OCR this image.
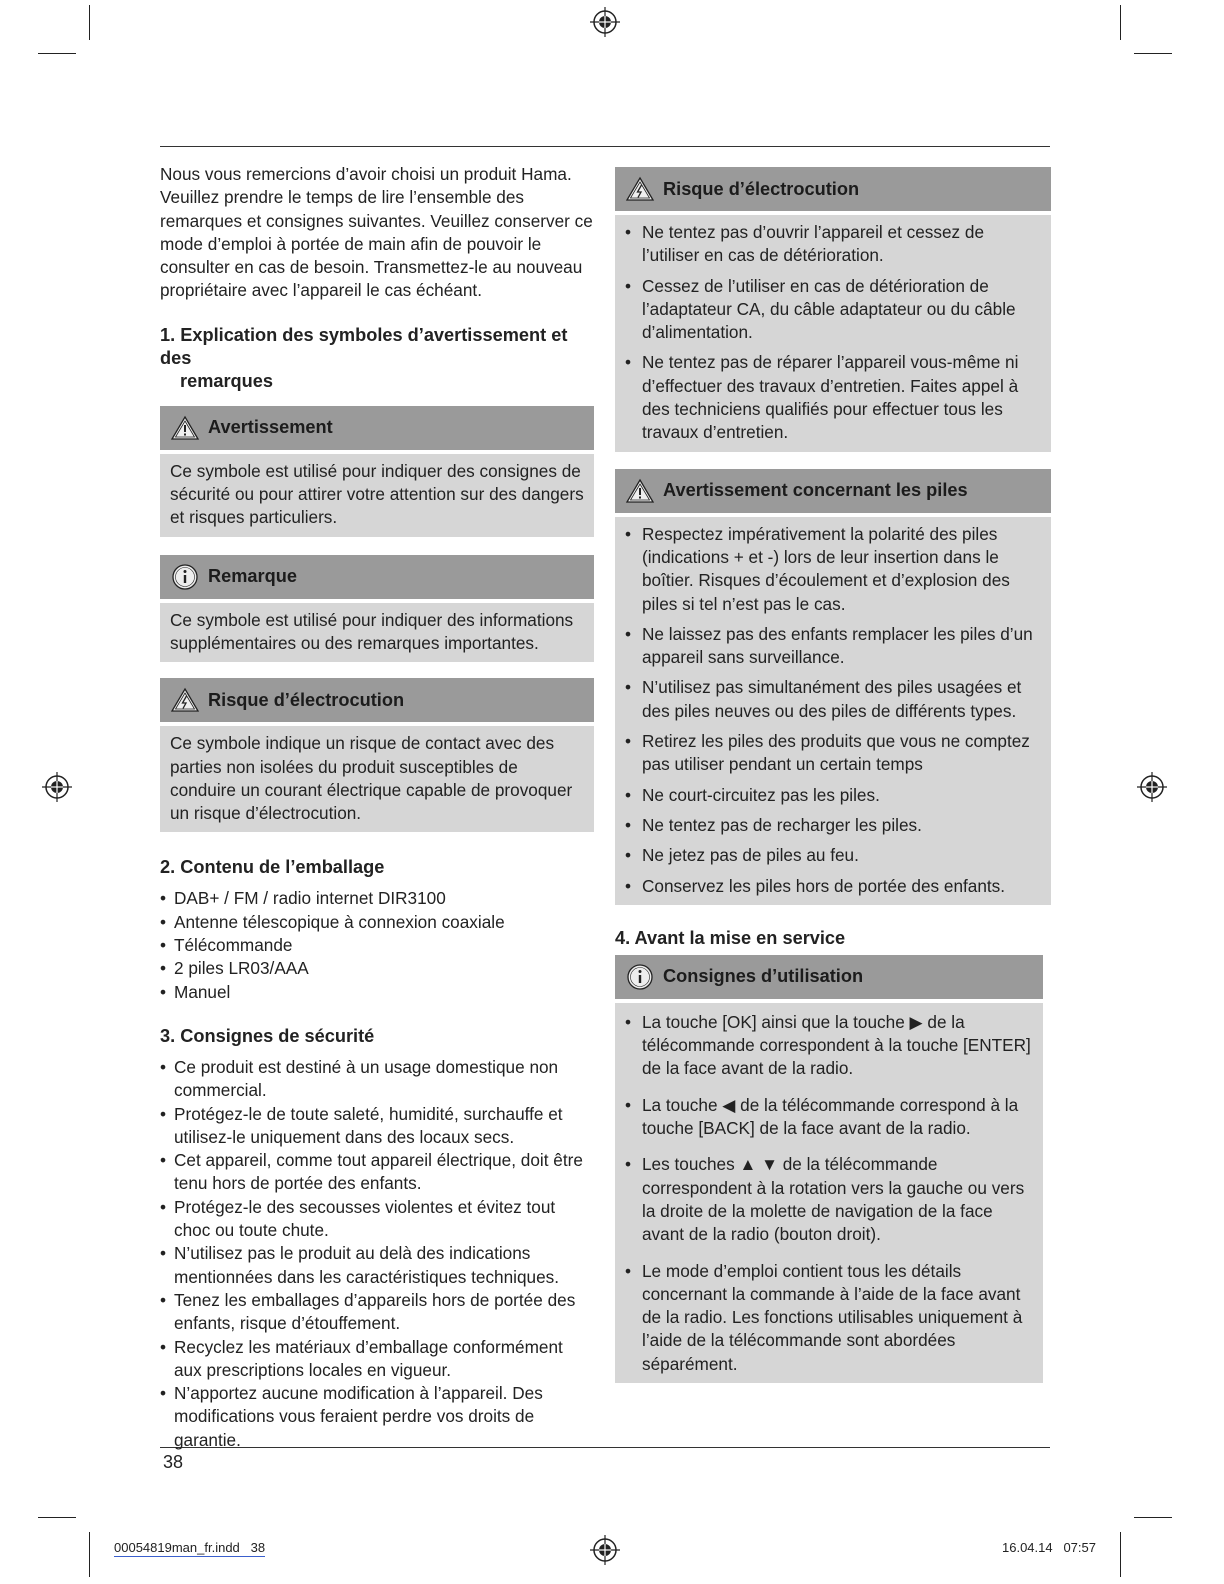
Nous vous remercions d’avoir choisi un produit Hama. Veuillez prendre le temps de lire l’ensemble des remarques et consignes suivantes. Veuillez conserver ce mode d’emploi à portée de main afin de pouvoir le consulter en cas de besoin. Transmettez-le au nouveau propriétaire avec l’appareil le cas échéant.

1. Explication des symboles d’avertissement et des
remarques
Avertissement
Ce symbole est utilisé pour indiquer des consignes de sécurité ou pour attirer votre attention sur des dangers et risques particuliers.
Remarque
Ce symbole est utilisé pour indiquer des informations supplémentaires ou des remarques importantes.
Risque d’électrocution
Ce symbole indique un risque de contact avec des parties non isolées du produit susceptibles de conduire un courant électrique capable de provoquer un risque d’électrocution.
2. Contenu de l’emballage
• DAB+ / FM / radio internet DIR3100
• Antenne télescopique à connexion coaxiale
• Télécommande
• 2 piles LR03/AAA
• Manuel
3. Consignes de sécurité
• Ce produit est destiné à un usage domestique non commercial.
• Protégez-le de toute saleté, humidité, surchauffe et utilisez-le uniquement dans des locaux secs.
• Cet appareil, comme tout appareil électrique, doit être tenu hors de portée des enfants.
• Protégez-le des secousses violentes et évitez tout choc ou toute chute.
• N’utilisez pas le produit au delà des indications mentionnées dans les caractéristiques techniques.
• Tenez les emballages d’appareils hors de portée des enfants, risque d’étouffement.
• Recyclez les matériaux d’emballage conformément aux prescriptions locales en vigueur.
• N’apportez aucune modification à l’appareil. Des modifications vous feraient perdre vos droits de garantie.
Risque d’électrocution
• Ne tentez pas d’ouvrir l’appareil et cessez de l’utiliser en cas de détérioration.
• Cessez de l’utiliser en cas de détérioration de l’adaptateur CA, du câble adaptateur ou du câble d’alimentation.
• Ne tentez pas de réparer l’appareil vous-même ni d’effectuer des travaux d’entretien. Faites appel à des techniciens qualifiés pour effectuer tous les travaux d’entretien.
Avertissement concernant les piles
• Respectez impérativement la polarité des piles (indications + et -) lors de leur insertion dans le boîtier. Risques d’écoulement et d’explosion des piles si tel n’est pas le cas.
• Ne laissez pas des enfants remplacer les piles d’un appareil sans surveillance.
• N’utilisez pas simultanément des piles usagées et des piles neuves ou des piles de différents types.
• Retirez les piles des produits que vous ne comptez pas utiliser pendant un certain temps
• Ne court-circuitez pas les piles.
• Ne tentez pas de recharger les piles.
• Ne jetez pas de piles au feu.
• Conservez les piles hors de portée des enfants.
4. Avant la mise en service
Consignes d’utilisation
• La touche [OK] ainsi que la touche ▶ de la télécommande correspondent à la touche [ENTER] de la face avant de la radio.
• La touche ◀ de la télécommande correspond à la touche [BACK] de la face avant de la radio.
• Les touches ▲ ▼ de la télécommande correspondent à la rotation vers la gauche ou vers la droite de la molette de navigation de la face avant de la radio (bouton droit).
• Le mode d’emploi contient tous les détails concernant la commande à l’aide de la face avant de la radio. Les fonctions utilisables uniquement à l’aide de la télécommande sont abordées séparément.
38
00054819man_fr.indd   38	16.04.14   07:57
